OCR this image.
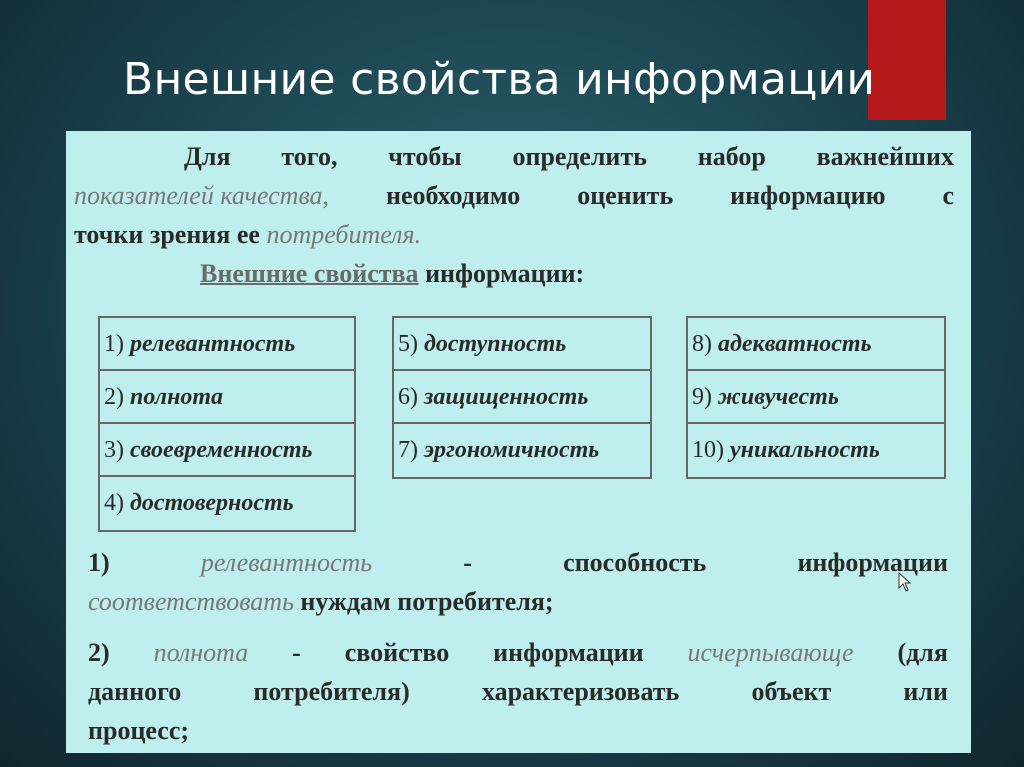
Внешние свойства информации
Для того, чтобы определить набор важнейших
показателей качества, необходимо оценить информацию с
точки зрения ее
потребителя.
Внешние свойства информации:
1) релевантность
2) полнота
3) своевременность
4) достоверность
5) доступность
6) защищенность
7) эргономичность
8) адекватность
9) живучесть
10) уникальность
1)	релевантность	-	способность	информации
соответствовать
нуждам потребителя;
2) полнота - свойство информации исчерпывающе (для
данного	потребителя)	характеризовать	объект	или
процесс;
